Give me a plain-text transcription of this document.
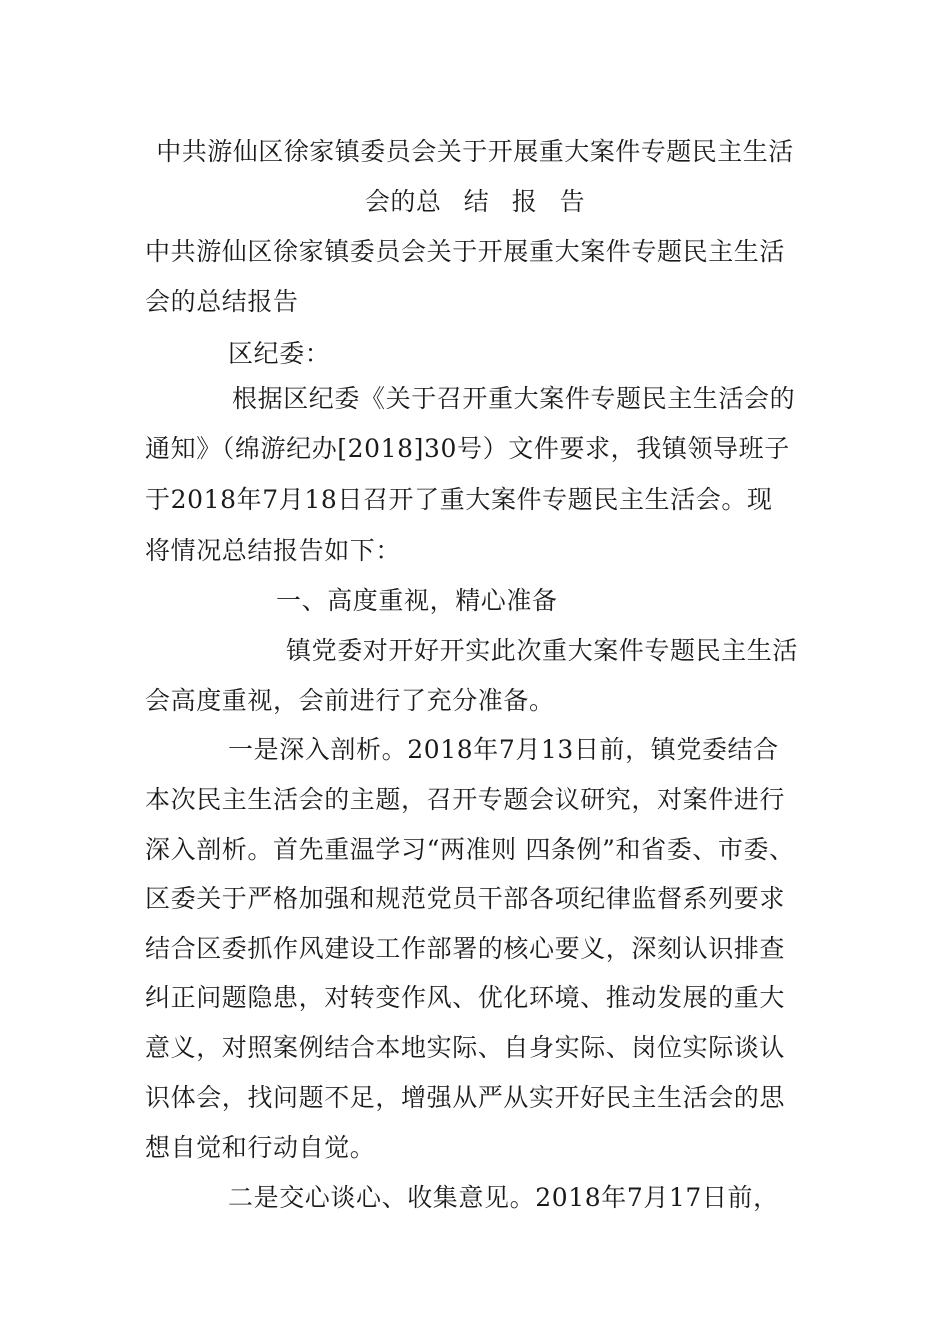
中共游仙区徐家镇委员会关于开展重大案件专题民主生活
会的总 结 报 告
中共游仙区徐家镇委员会关于开展重大案件专题民主生活
会的总结报告
区纪委：
根据区纪委《关于召开重大案件专题民主生活会的
通知》（绵游纪办[2018]30号）文件要求，我镇领导班子
于2018年7月18日召开了重大案件专题民主生活会。现
将情况总结报告如下：
一、高度重视，精心准备
镇党委对开好开实此次重大案件专题民主生活
会高度重视，会前进行了充分准备。
一是深入剖析。2018年7月13日前，镇党委结合
本次民主生活会的主题，召开专题会议研究，对案件进行
深入剖析。首先重温学习“两准则 四条例”和省委、市委、
区委关于严格加强和规范党员干部各项纪律监督系列要求
结合区委抓作风建设工作部署的核心要义，深刻认识排查
纠正问题隐患，对转变作风、优化环境、推动发展的重大
意义，对照案例结合本地实际、自身实际、岗位实际谈认
识体会，找问题不足，增强从严从实开好民主生活会的思
想自觉和行动自觉。
二是交心谈心、收集意见。2018年7月17日前，
